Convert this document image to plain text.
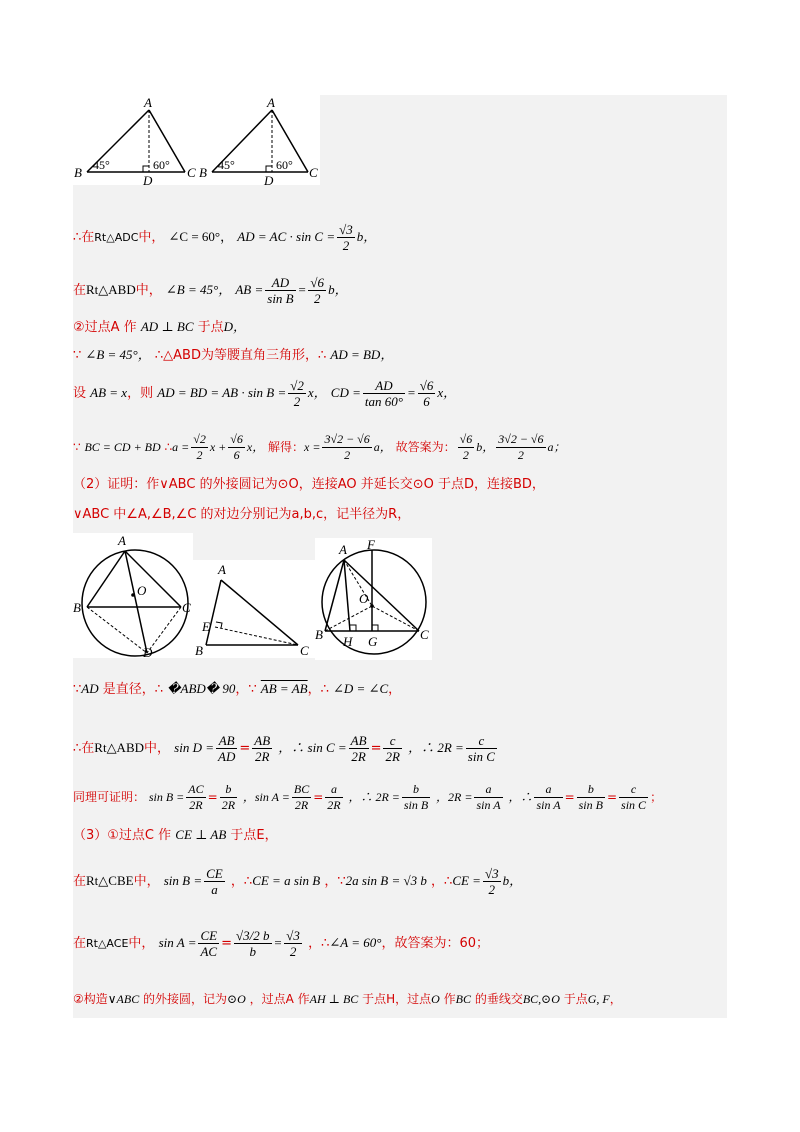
A
B	C
D
45°	60°
A
B	C
D
45°	60°
∴在Rt△ADC中， ∠C = 60°， AD = AC · $\sin C = \frac{√3}{2}$ b，
在Rt△ABD中， ∠B = 45°， AB = $\frac{AD}{\text{sin B}} = \frac{√6}{2}$ b，
②过点A 作 AD ⊥ BC 于点D，
∵ ∠B = 45°， ∴△ABD为等腰直角三角形，∴ AD = BD，
设 AB = x，则 AD = BD = AB · $\sin B = \frac{√2}{2}$ x， CD = $\frac{AD}{\tan 60^\circ} = \frac{√6}{6}$ x，
∵ BC = CD + BD ∴a = $\frac{√2}{2}$ $x + \frac{√6}{6}$ x， 解得：$x = \frac{3√2 - √6}{2}$ a， 故答案为： $\frac{√6}{2}$ b， $\frac{3√2 - √6}{2}$ a；
（2）证明：作∨ABC 的外接圆记为⊙O，连接AO 并延长交⊙O 于点D，连接BD，
∨ABC 中∠A,∠B,∠C 的对边分别记为a,b,c，记半径为R，
A
B	C
O
D
A
E
B	C
A F
O
B H G	C
∵AD 是直径，∴ �ABD� 90，∵ AB = AB，∴ ∠D = ∠C，
∴在Rt△ABD中， $\sin D = \frac{AB}{AD} = \frac{AB}{2R}$ ，∴ $\sin C = \frac{AB}{2R} = \frac{c}{2R}$ ，∴ $2R = \frac{c}{\text{sin C}}$
同理可证明： $\sin B = \frac{AC}{2R} = \frac{b}{2R}$ ，$\sin A = \frac{BC}{2R} = \frac{a}{2R}$ ，∴ $2R = \frac{b}{\text{sin B}}$ ，$2R = \frac{a}{\text{sin A}}$ ，∴ $\frac{a}{\text{sin A}} = \frac{b}{\text{sin B}} = \frac{c}{\text{sin C}}$ ；
（3）①过点C 作 CE ⊥ AB 于点E，
在Rt△CBE中， $\sin B = \frac{CE}{a}$ ，∴CE = a sin B ，∵2a sin B = √3 b ，∴CE = $\frac{√3}{2}$ b，
在Rt△ACE中， $\sin A = \frac{CE}{AC} = \frac{√3/2 b}{b} = \frac{√3}{2}$ ，∴∠A = 60°，故答案为：60；
②构造∨ABC 的外接圆，记为⊙O ，过点A 作AH ⊥ BC 于点H，过点O 作BC 的垂线交BC,⊙O 于点G, F，
